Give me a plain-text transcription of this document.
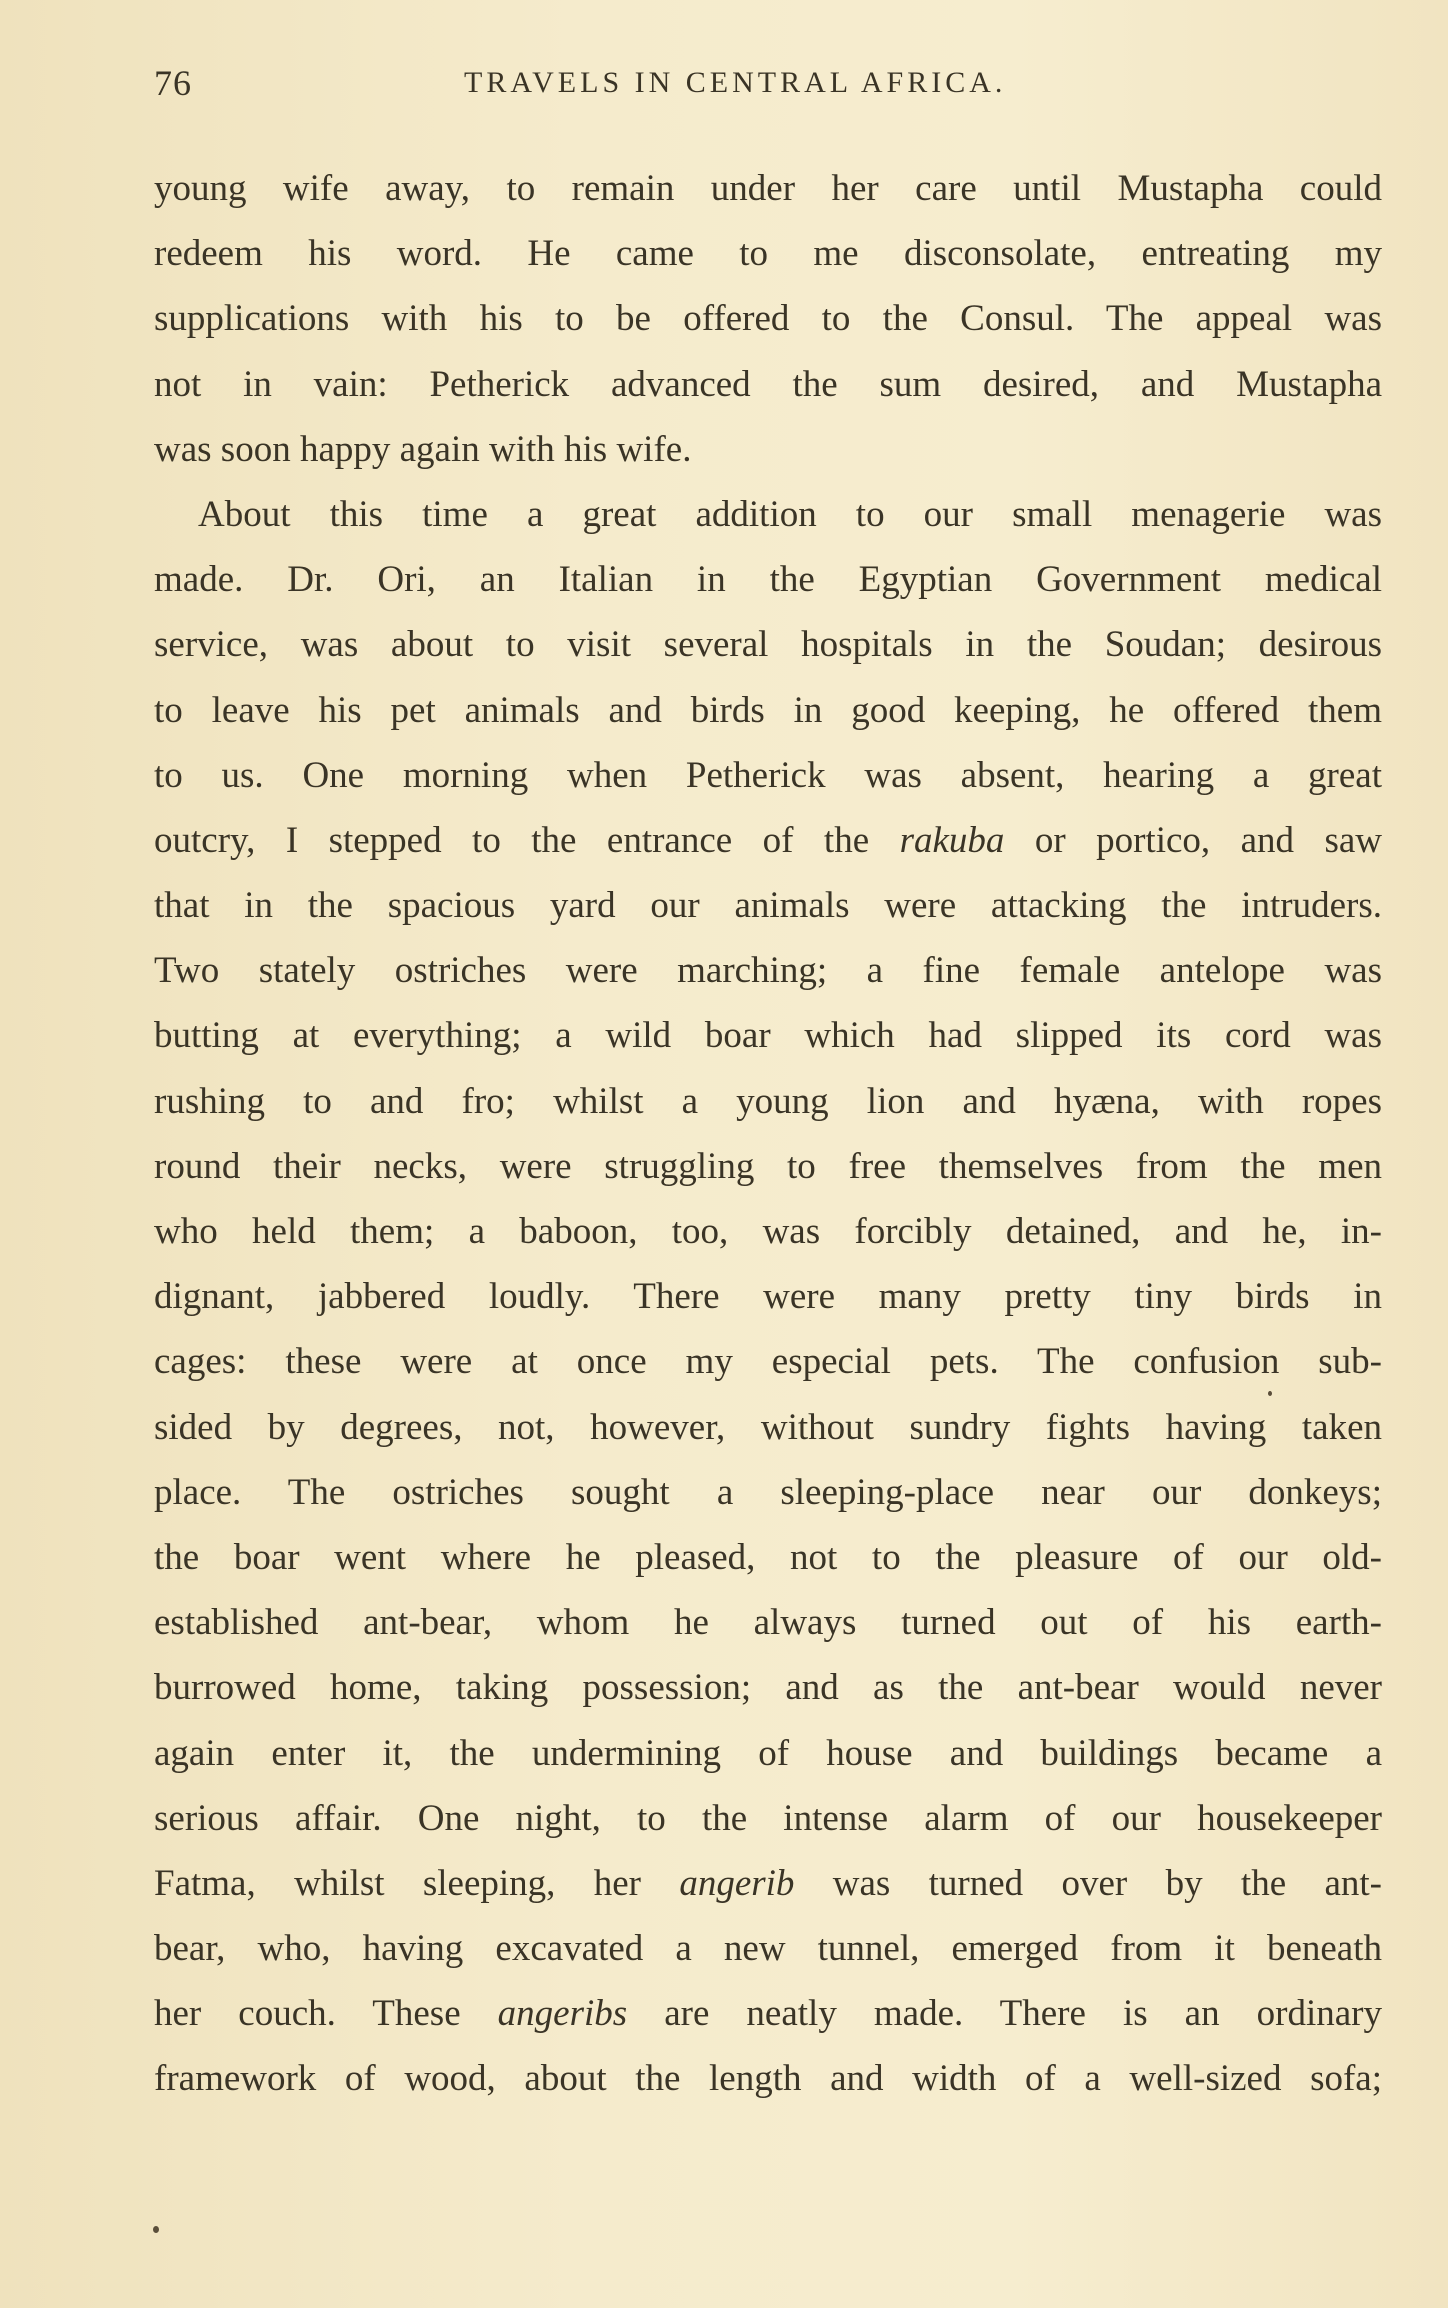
76	TRAVELS IN CENTRAL AFRICA.
young wife away, to remain under her care until Mustapha could
redeem his word. He came to me disconsolate, entreating my
supplications with his to be offered to the Consul. The appeal was
not in vain: Petherick advanced the sum desired, and Mustapha
was soon happy again with his wife.
About this time a great addition to our small menagerie was
made. Dr. Ori, an Italian in the Egyptian Government medical
service, was about to visit several hospitals in the Soudan; desirous
to leave his pet animals and birds in good keeping, he offered them
to us. One morning when Petherick was absent, hearing a great
outcry, I stepped to the entrance of the rakuba or portico, and saw
that in the spacious yard our animals were attacking the intruders.
Two stately ostriches were marching; a fine female antelope was
butting at everything; a wild boar which had slipped its cord was
rushing to and fro; whilst a young lion and hyæna, with ropes
round their necks, were struggling to free themselves from the men
who held them; a baboon, too, was forcibly detained, and he, in-
dignant, jabbered loudly. There were many pretty tiny birds in
cages: these were at once my especial pets. The confusion sub-
sided by degrees, not, however, without sundry fights having taken
place. The ostriches sought a sleeping-place near our donkeys;
the boar went where he pleased, not to the pleasure of our old-
established ant-bear, whom he always turned out of his earth-
burrowed home, taking possession; and as the ant-bear would never
again enter it, the undermining of house and buildings became a
serious affair. One night, to the intense alarm of our housekeeper
Fatma, whilst sleeping, her angerib was turned over by the ant-
bear, who, having excavated a new tunnel, emerged from it beneath
her couch. These angeribs are neatly made. There is an ordinary
framework of wood, about the length and width of a well-sized sofa;
